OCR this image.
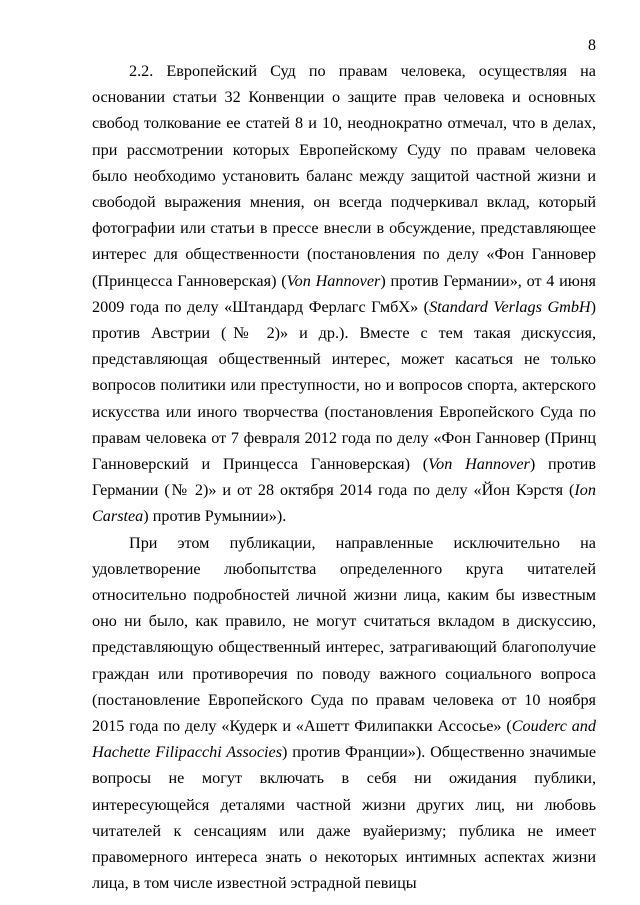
8

2.2. Европейский Суд по правам человека, осуществляя на основании статьи 32 Конвенции о защите прав человека и основных свобод толкование ее статей 8 и 10, неоднократно отмечал, что в делах, при рассмотрении которых Европейскому Суду по правам человека было необходимо установить баланс между защитой частной жизни и свободой выражения мнения, он всегда подчеркивал вклад, который фотографии или статьи в прессе внесли в обсуждение, представляющее интерес для общественности (постановления по делу «Фон Ганновер (Принцесса Ганноверская) (Von Hannover) против Германии», от 4 июня 2009 года по делу «Штандард Ферлагс ГмбХ» (Standard Verlags GmbH) против Австрии (№ 2)» и др.). Вместе с тем такая дискуссия, представляющая общественный интерес, может касаться не только вопросов политики или преступности, но и вопросов спорта, актерского искусства или иного творчества (постановления Европейского Суда по правам человека от 7 февраля 2012 года по делу «Фон Ганновер (Принц Ганноверский и Принцесса Ганноверская) (Von Hannover) против Германии (№ 2)» и от 28 октября 2014 года по делу «Йон Кэрстя (Ion Carstea) против Румынии»).

При этом публикации, направленные исключительно на удовлетворение любопытства определенного круга читателей относительно подробностей личной жизни лица, каким бы известным оно ни было, как правило, не могут считаться вкладом в дискуссию, представляющую общественный интерес, затрагивающий благополучие граждан или противоречия по поводу важного социального вопроса (постановление Европейского Суда по правам человека от 10 ноября 2015 года по делу «Кудерк и «Ашетт Филипакки Ассосье» (Couderc and Hachette Filipacchi Associes) против Франции»). Общественно значимые вопросы не могут включать в себя ни ожидания публики, интересующейся деталями частной жизни других лиц, ни любовь читателей к сенсациям или даже вуайеризму; публика не имеет правомерного интереса знать о некоторых интимных аспектах жизни лица, в том числе известной эстрадной певицы
